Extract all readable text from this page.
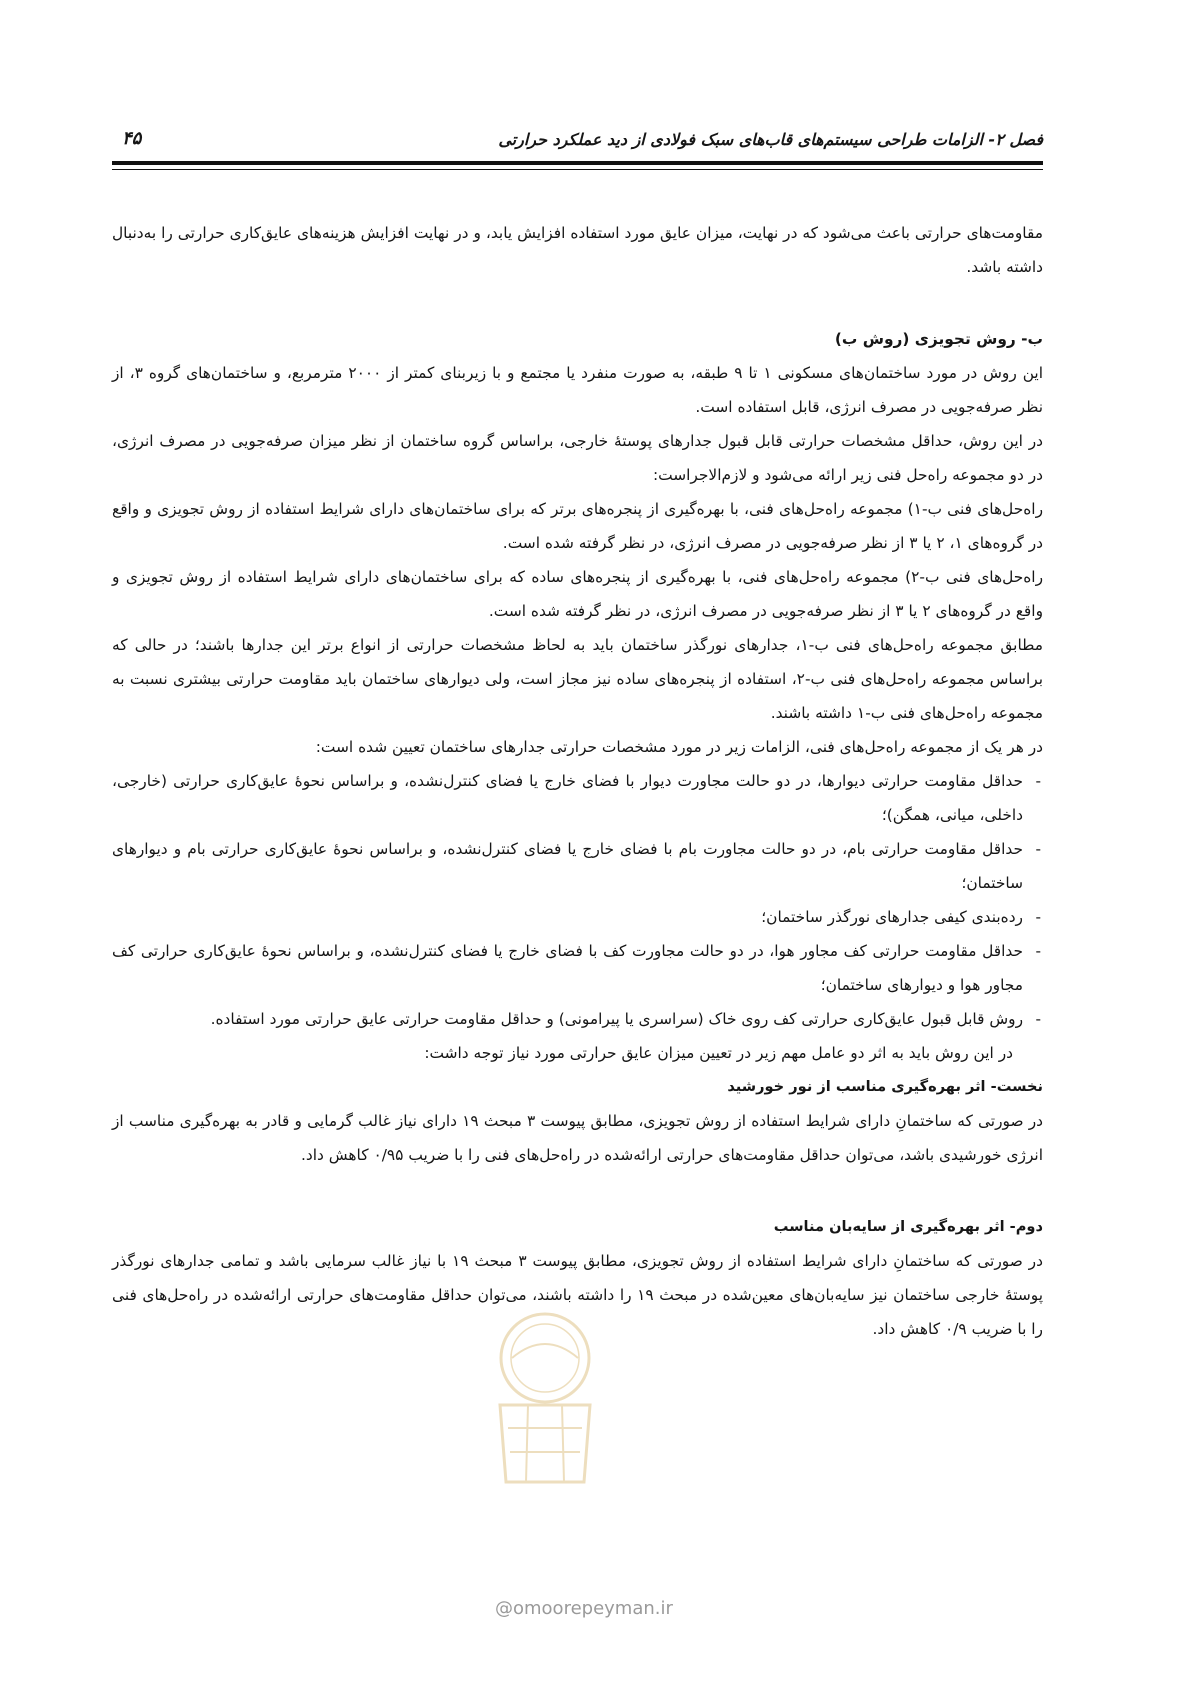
فصل ۲- الزامات طراحی سیستم‌های قاب‌های سبک فولادی از دید عملکرد حرارتی
۴۵

مقاومت‌های حرارتی باعث می‌شود که در نهایت، میزان عایق مورد استفاده افزایش یابد، و در نهایت افزایش هزینه‌های عایق‌کاری حرارتی را به‌دنبال داشته باشد.

ب- روش تجویزی (روش ب)

این روش در مورد ساختمان‌های مسکونی ۱ تا ۹ طبقه، به صورت منفرد یا مجتمع و با زیربنای کمتر از ۲۰۰۰ مترمربع، و ساختمان‌های گروه ۳، از نظر صرفه‌جویی در مصرف انرژی، قابل استفاده است.

در این روش، حداقل مشخصات حرارتی قابل قبول جدارهای پوستهٔ خارجی، براساس گروه ساختمان از نظر میزان صرفه‌جویی در مصرف انرژی، در دو مجموعه راه‌حل فنی زیر ارائه می‌شود و لازم‌الاجراست:

راه‌حل‌های فنی ب-۱) مجموعه راه‌حل‌های فنی، با بهره‌گیری از پنجره‌های برتر که برای ساختمان‌های دارای شرایط استفاده از روش تجویزی و واقع در گروه‌های ۱، ۲ یا ۳ از نظر صرفه‌جویی در مصرف انرژی، در نظر گرفته شده است.

راه‌حل‌های فنی ب-۲) مجموعه راه‌حل‌های فنی، با بهره‌گیری از پنجره‌های ساده که برای ساختمان‌های دارای شرایط استفاده از روش تجویزی و واقع در گروه‌های ۲ یا ۳ از نظر صرفه‌جویی در مصرف انرژی، در نظر گرفته شده است.

مطابق مجموعه راه‌حل‌های فنی ب-۱، جدارهای نورگذر ساختمان باید به لحاظ مشخصات حرارتی از انواع برتر این جدارها باشند؛ در حالی که براساس مجموعه راه‌حل‌های فنی ب-۲، استفاده از پنجره‌های ساده نیز مجاز است، ولی دیوارهای ساختمان باید مقاومت حرارتی بیشتری نسبت به مجموعه راه‌حل‌های فنی ب-۱ داشته باشند.

در هر یک از مجموعه راه‌حل‌های فنی، الزامات زیر در مورد مشخصات حرارتی جدارهای ساختمان تعیین شده است:

- حداقل مقاومت حرارتی دیوارها، در دو حالت مجاورت دیوار با فضای خارج یا فضای کنترل‌نشده، و براساس نحوهٔ عایق‌کاری حرارتی (خارجی، داخلی، میانی، همگن)؛
- حداقل مقاومت حرارتی بام، در دو حالت مجاورت بام با فضای خارج یا فضای کنترل‌نشده، و براساس نحوهٔ عایق‌کاری حرارتی بام و دیوارهای ساختمان؛
- رده‌بندی کیفی جدارهای نورگذر ساختمان؛
- حداقل مقاومت حرارتی کف مجاور هوا، در دو حالت مجاورت کف با فضای خارج یا فضای کنترل‌نشده، و براساس نحوهٔ عایق‌کاری حرارتی کف مجاور هوا و دیوارهای ساختمان؛
- روش قابل قبول عایق‌کاری حرارتی کف روی خاک (سراسری یا پیرامونی) و حداقل مقاومت حرارتی عایق حرارتی مورد استفاده.

در این روش باید به اثر دو عامل مهم زیر در تعیین میزان عایق حرارتی مورد نیاز توجه داشت:

نخست- اثر بهره‌گیری مناسب از نور خورشید

در صورتی که ساختمانِ دارای شرایط استفاده از روش تجویزی، مطابق پیوست ۳ مبحث ۱۹ دارای نیاز غالب گرمایی و قادر به بهره‌گیری مناسب از انرژی خورشیدی باشد، می‌توان حداقل مقاومت‌های حرارتی ارائه‌شده در راه‌حل‌های فنی را با ضریب ۰/۹۵ کاهش داد.

دوم- اثر بهره‌گیری از سایه‌بان مناسب

در صورتی که ساختمانِ دارای شرایط استفاده از روش تجویزی، مطابق پیوست ۳ مبحث ۱۹ با نیاز غالب سرمایی باشد و تمامی جدارهای نورگذر پوستهٔ خارجی ساختمان نیز سایه‌بان‌های معین‌شده در مبحث ۱۹ را داشته باشند، می‌توان حداقل مقاومت‌های حرارتی ارائه‌شده در راه‌حل‌های فنی را با ضریب ۰/۹ کاهش داد.

@omoorepeyman.ir
